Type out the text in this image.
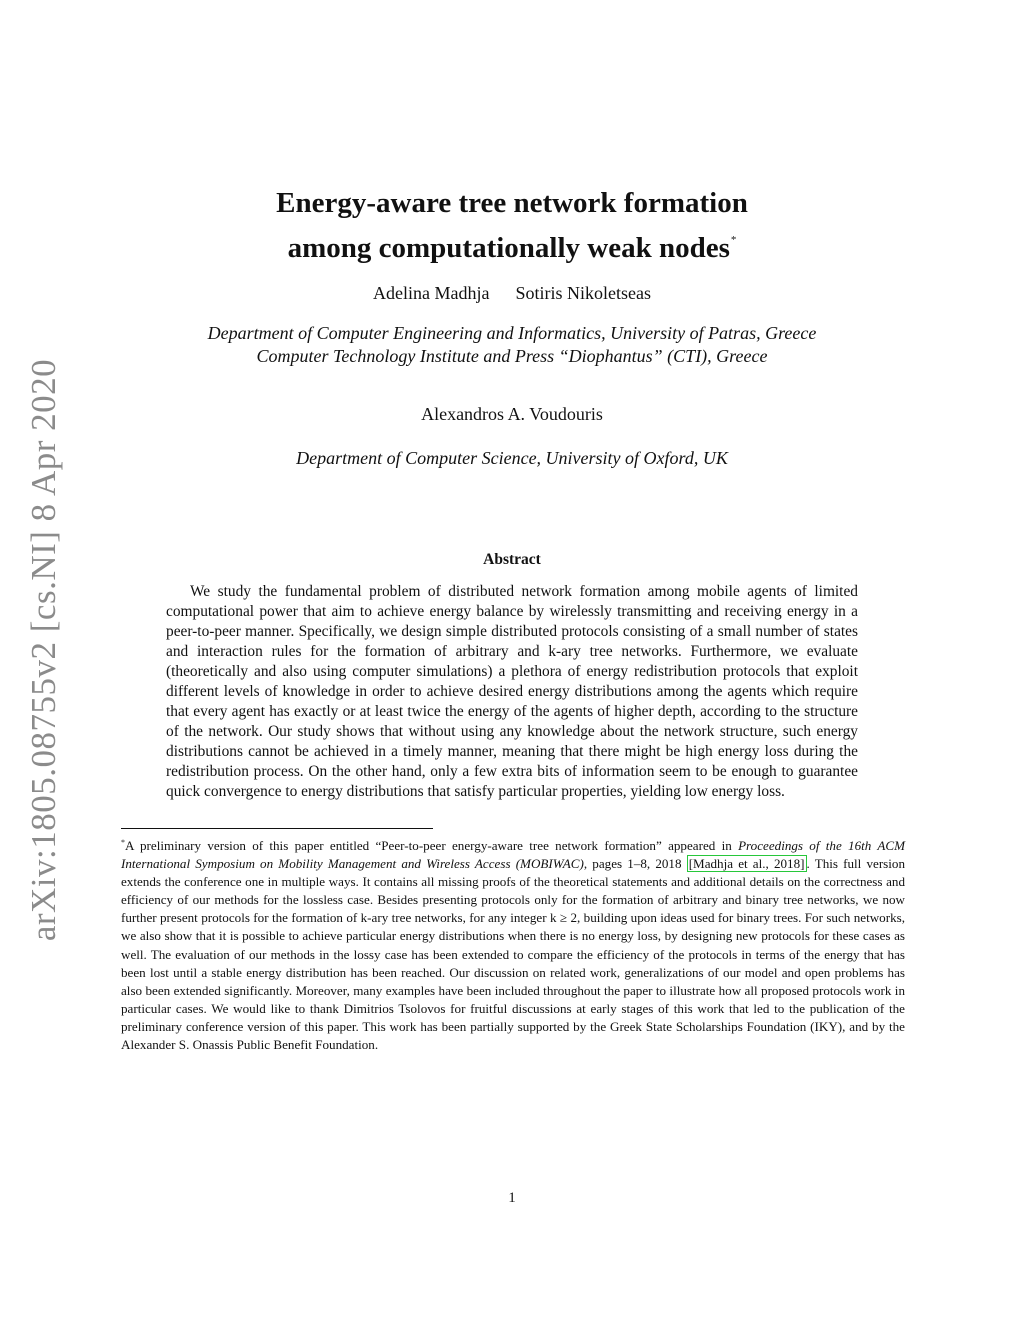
arXiv:1805.08755v2 [cs.NI] 8 Apr 2020
Energy-aware tree network formation
among computationally weak nodes*
Adelina Madhja Sotiris Nikoletseas
Department of Computer Engineering and Informatics, University of Patras, Greece
Computer Technology Institute and Press “Diophantus” (CTI), Greece
Alexandros A. Voudouris
Department of Computer Science, University of Oxford, UK
Abstract

We study the fundamental problem of distributed network formation among mobile agents of limited computational power that aim to achieve energy balance by wirelessly transmitting and receiving energy in a peer-to-peer manner. Specifically, we design simple distributed protocols consisting of a small number of states and interaction rules for the formation of arbitrary and k-ary tree networks. Furthermore, we evaluate (theoretically and also using computer simulations) a plethora of energy redistribution protocols that exploit different levels of knowledge in order to achieve desired energy distributions among the agents which require that every agent has exactly or at least twice the energy of the agents of higher depth, according to the structure of the network. Our study shows that without using any knowledge about the network structure, such energy distributions cannot be achieved in a timely manner, meaning that there might be high energy loss during the redistribution process. On the other hand, only a few extra bits of information seem to be enough to guarantee quick convergence to energy distributions that satisfy particular properties, yielding low energy loss.

*A preliminary version of this paper entitled “Peer-to-peer energy-aware tree network formation” appeared in Proceedings of the 16th ACM International Symposium on Mobility Management and Wireless Access (MOBIWAC), pages 1–8, 2018 [Madhja et al., 2018] . This full version extends the conference one in multiple ways. It contains all missing proofs of the theoretical statements and additional details on the correctness and efficiency of our methods for the lossless case. Besides presenting protocols only for the formation of arbitrary and binary tree networks, we now further present protocols for the formation of k-ary tree networks, for any integer k ≥ 2, building upon ideas used for binary trees. For such networks, we also show that it is possible to achieve particular energy distributions when there is no energy loss, by designing new protocols for these cases as well. The evaluation of our methods in the lossy case has been extended to compare the efficiency of the protocols in terms of the energy that has been lost until a stable energy distribution has been reached. Our discussion on related work, generalizations of our model and open problems has also been extended significantly. Moreover, many examples have been included throughout the paper to illustrate how all proposed protocols work in particular cases. We would like to thank Dimitrios Tsolovos for fruitful discussions at early stages of this work that led to the publication of the preliminary conference version of this paper. This work has been partially supported by the Greek State Scholarships Foundation (IKY), and by the Alexander S. Onassis Public Benefit Foundation.

1
